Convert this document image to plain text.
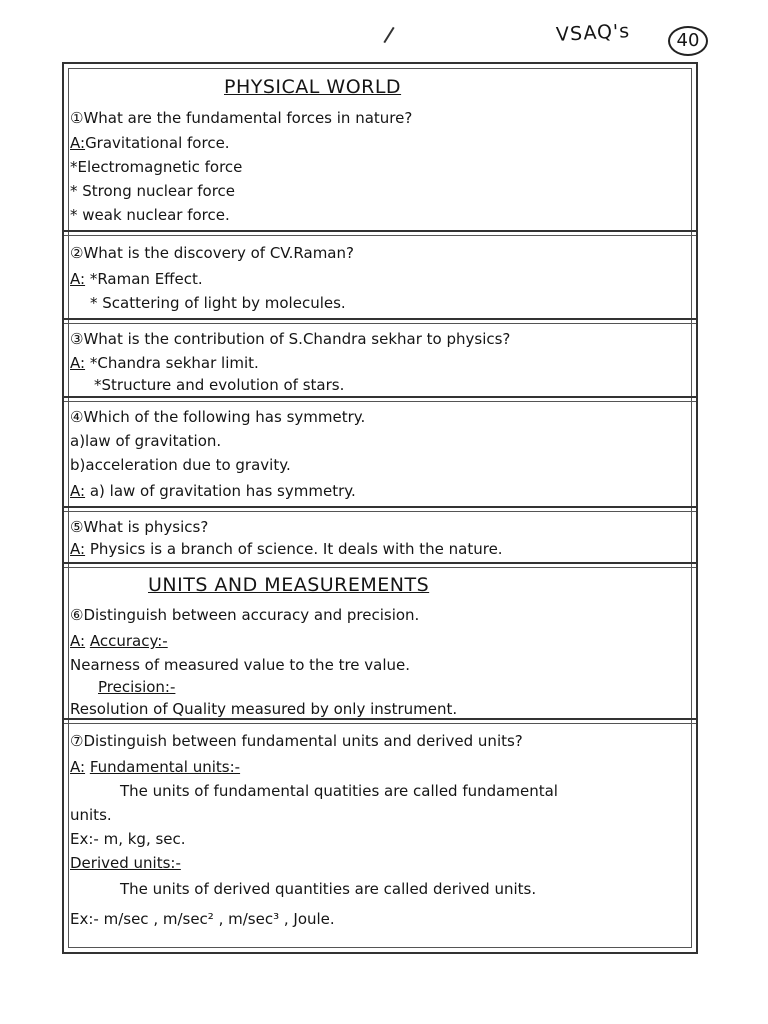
VSAQ's	40
PHYSICAL WORLD
①What are the fundamental forces in nature?
A:Gravitational force.
*Electromagnetic force
* Strong nuclear force
* weak nuclear force.
②What is the discovery of CV.Raman?
A: *Raman Effect.
* Scattering of light by molecules.
③What is the contribution of S.Chandra sekhar to physics?
A: *Chandra sekhar limit.
*Structure and evolution of stars.
④Which of the following has symmetry.
a)law of gravitation.
b)acceleration due to gravity.
A: a) law of gravitation has symmetry.
⑤What is physics?
A: Physics is a branch of science. It deals with the nature.
UNITS AND MEASUREMENTS
⑥Distinguish between accuracy and precision.
A: Accuracy:-
Nearness of measured value to the tre value.
Precision:-
Resolution of Quality measured by only instrument.
⑦Distinguish between fundamental units and derived units?
A: Fundamental units:-
The units of fundamental quatities are called fundamental
units.
Ex:- m, kg, sec.
Derived units:-
The units of derived quantities are called derived units.
Ex:- m/sec , m/sec² , m/sec³ , Joule.
